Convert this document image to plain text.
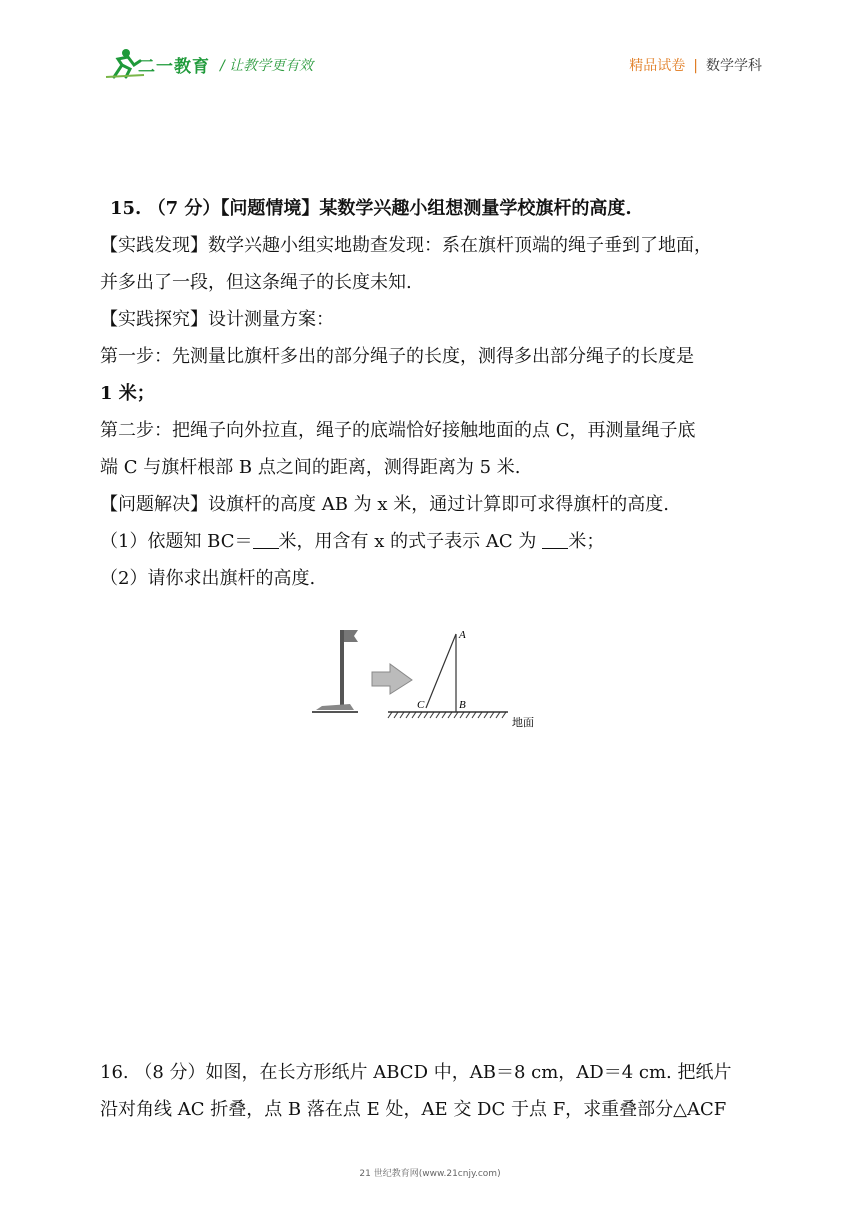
二一教育 / 让教学更有效	精品试卷 | 数学学科
15. （7 分）【问题情境】某数学兴趣小组想测量学校旗杆的高度.
【实践发现】数学兴趣小组实地勘查发现：系在旗杆顶端的绳子垂到了地面，
并多出了一段，但这条绳子的长度未知.
【实践探究】设计测量方案：
第一步：先测量比旗杆多出的部分绳子的长度，测得多出部分绳子的长度是
1 米；
第二步：把绳子向外拉直，绳子的底端恰好接触地面的点 C，再测量绳子底
端 C 与旗杆根部 B 点之间的距离，测得距离为 5 米.
【问题解决】设旗杆的高度 AB 为 x 米，通过计算即可求得旗杆的高度.
（1）依题知 BC＝ 米，用含有 x 的式子表示 AC 为 米；
（2）请你求出旗杆的高度.
A
C	B
地面
16. （8 分）如图，在长方形纸片 ABCD 中，AB＝8 cm，AD＝4 cm. 把纸片
沿对角线 AC 折叠，点 B 落在点 E 处，AE 交 DC 于点 F，求重叠部分△ACF
21 世纪教育网(www.21cnjy.com)
